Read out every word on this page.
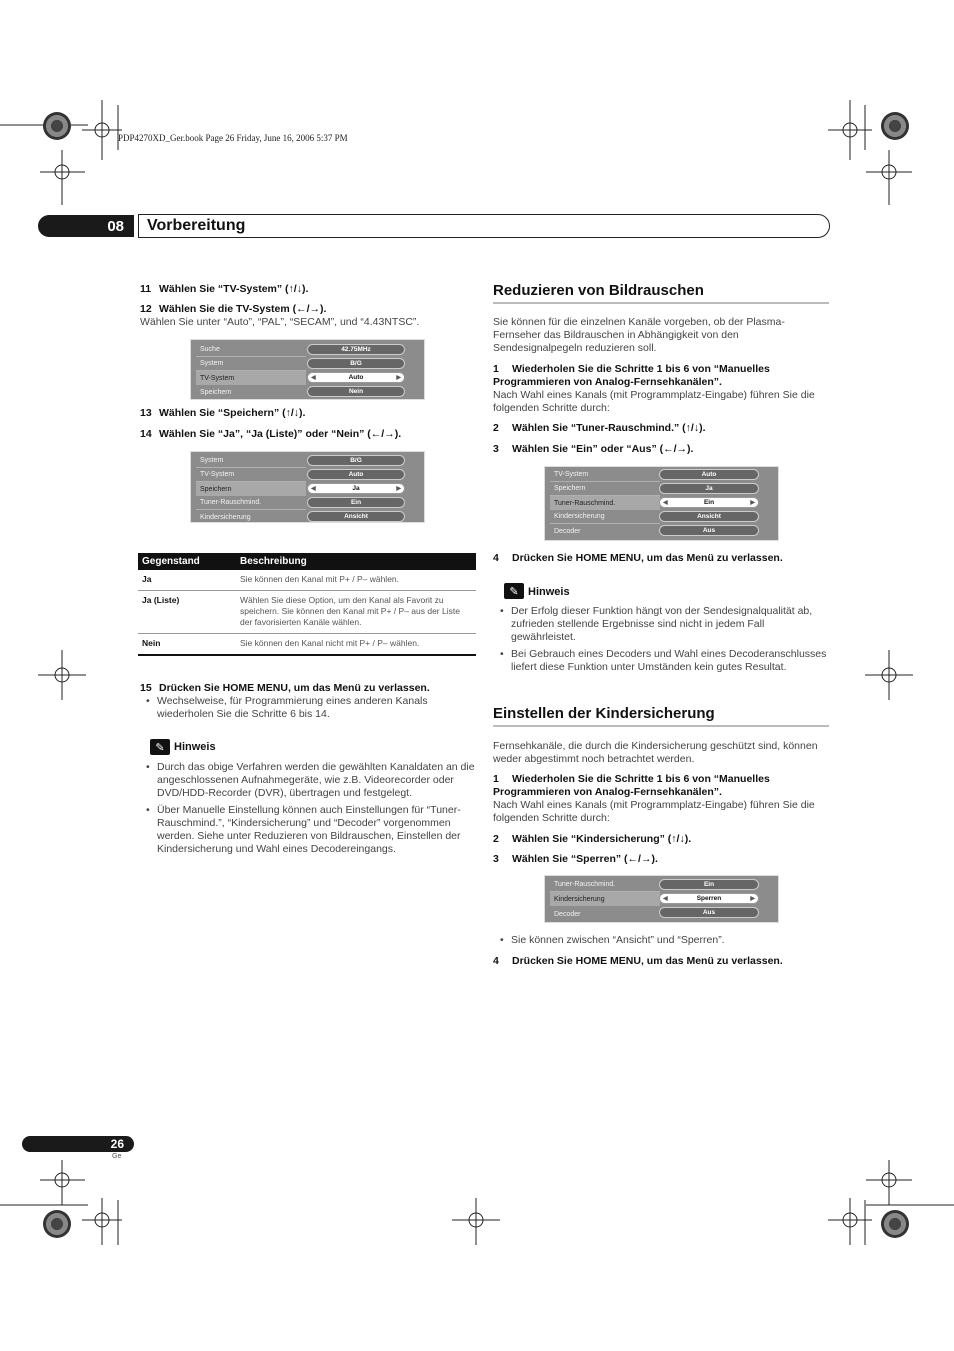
PDP4270XD_Ger.book Page 26 Friday, June 16, 2006 5:37 PM
08	Vorbereitung
11 Wählen Sie “TV-System” (↑/↓).
12 Wählen Sie die TV-System (←/→).
Wählen Sie unter “Auto”, “PAL”, “SECAM”, und “4.43NTSC”.
Suche	42.75MHz
System	B/G
TV-System	◀	Auto	▶
Speichern	Nein
13 Wählen Sie “Speichern” (↑/↓).
14 Wählen Sie “Ja”, “Ja (Liste)” oder “Nein” (←/→).
System	B/G
TV-System	Auto
Speichern	◀	Ja	▶
Tuner-Rauschmind.	Ein
Kindersicherung	Ansicht
Gegenstand	Beschreibung
Ja	Sie können den Kanal mit P+ / P– wählen.
Ja (Liste)	Wählen Sie diese Option, um den Kanal als Favorit zu speichern. Sie können den Kanal mit P+ / P– aus der Liste der favorisierten Kanäle wählen.
Nein	Sie können den Kanal nicht mit P+ / P– wählen.
15 Drücken Sie HOME MENU, um das Menü zu verlassen.
• Wechselweise, für Programmierung eines anderen Kanals wiederholen Sie die Schritte 6 bis 14.
✎ Hinweis
• Durch das obige Verfahren werden die gewählten Kanaldaten an die angeschlossenen Aufnahmegeräte, wie z.B. Videorecorder oder DVD/HDD-Recorder (DVR), übertragen und festgelegt.
• Über Manuelle Einstellung können auch Einstellungen für “Tuner-Rauschmind.”, “Kindersicherung” und “Decoder” vorgenommen werden. Siehe unter Reduzieren von Bildrauschen, Einstellen der Kindersicherung und Wahl eines Decodereingangs.
Reduzieren von Bildrauschen
Sie können für die einzelnen Kanäle vorgeben, ob der Plasma-Fernseher das Bildrauschen in Abhängigkeit von den Sendesignalpegeln reduzieren soll.
1 Wiederholen Sie die Schritte 1 bis 6 von “Manuelles Programmieren von Analog-Fernsehkanälen”.
Nach Wahl eines Kanals (mit Programmplatz-Eingabe) führen Sie die folgenden Schritte durch:
2 Wählen Sie “Tuner-Rauschmind.” (↑/↓).
3 Wählen Sie “Ein” oder “Aus” (←/→).
TV-System	Auto
Speichern	Ja
Tuner-Rauschmind.	◀	Ein	▶
Kindersicherung	Ansicht
Decoder	Aus
4 Drücken Sie HOME MENU, um das Menü zu verlassen.
✎ Hinweis
• Der Erfolg dieser Funktion hängt von der Sendesignalqualität ab, zufrieden stellende Ergebnisse sind nicht in jedem Fall gewährleistet.
• Bei Gebrauch eines Decoders und Wahl eines Decoderanschlusses liefert diese Funktion unter Umständen kein gutes Resultat.
Einstellen der Kindersicherung
Fernsehkanäle, die durch die Kindersicherung geschützt sind, können weder abgestimmt noch betrachtet werden.
1 Wiederholen Sie die Schritte 1 bis 6 von “Manuelles Programmieren von Analog-Fernsehkanälen”.
Nach Wahl eines Kanals (mit Programmplatz-Eingabe) führen Sie die folgenden Schritte durch:
2 Wählen Sie “Kindersicherung” (↑/↓).
3 Wählen Sie “Sperren” (←/→).
Tuner-Rauschmind.	Ein
Kindersicherung	◀	Sperren	▶
Decoder	Aus
• Sie können zwischen “Ansicht” und “Sperren”.
4 Drücken Sie HOME MENU, um das Menü zu verlassen.
26
Ge
